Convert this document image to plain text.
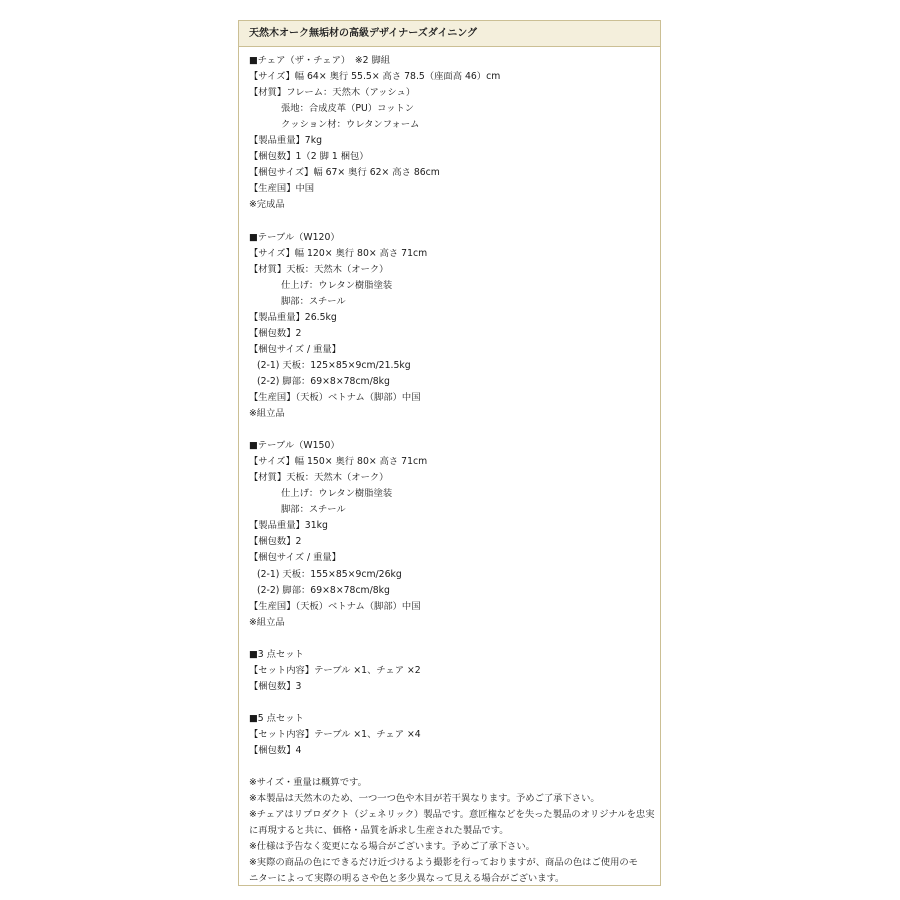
天然木オーク無垢材の高級デザイナーズダイニング
■チェア（ザ・チェア）　※2 脚組
【サイズ】幅 64× 奥行 55.5× 高さ 78.5（座面高 46）cm
【材質】フレーム：天然木（アッシュ）
張地：合成皮革（PU）コットン
クッション材：ウレタンフォーム
【製品重量】7kg
【梱包数】1（2 脚 1 梱包）
【梱包サイズ】幅 67× 奥行 62× 高さ 86cm
【生産国】中国
※完成品
■テーブル（W120）
【サイズ】幅 120× 奥行 80× 高さ 71cm
【材質】天板：天然木（オーク）
仕上げ：ウレタン樹脂塗装
脚部：スチール
【製品重量】26.5kg
【梱包数】2
【梱包サイズ / 重量】
(2-1) 天板：125×85×9cm/21.5kg
(2-2) 脚部：69×8×78cm/8kg
【生産国】（天板）ベトナム（脚部）中国
※組立品
■テーブル（W150）
【サイズ】幅 150× 奥行 80× 高さ 71cm
【材質】天板：天然木（オーク）
仕上げ：ウレタン樹脂塗装
脚部：スチール
【製品重量】31kg
【梱包数】2
【梱包サイズ / 重量】
(2-1) 天板：155×85×9cm/26kg
(2-2) 脚部：69×8×78cm/8kg
【生産国】（天板）ベトナム（脚部）中国
※組立品
■3 点セット
【セット内容】テーブル ×1、チェア ×2
【梱包数】3
■5 点セット
【セット内容】テーブル ×1、チェア ×4
【梱包数】4
※サイズ・重量は概算です。
※本製品は天然木のため、一つ一つ色や木目が若干異なります。予めご了承下さい。
※チェアはリプロダクト（ジェネリック）製品です。意匠権などを失った製品のオリジナルを忠実
に再現すると共に、価格・品質を訴求し生産された製品です。
※仕様は予告なく変更になる場合がございます。予めご了承下さい。
※実際の商品の色にできるだけ近づけるよう撮影を行っておりますが、商品の色はご使用のモ
ニターによって実際の明るさや色と多少異なって見える場合がございます。
